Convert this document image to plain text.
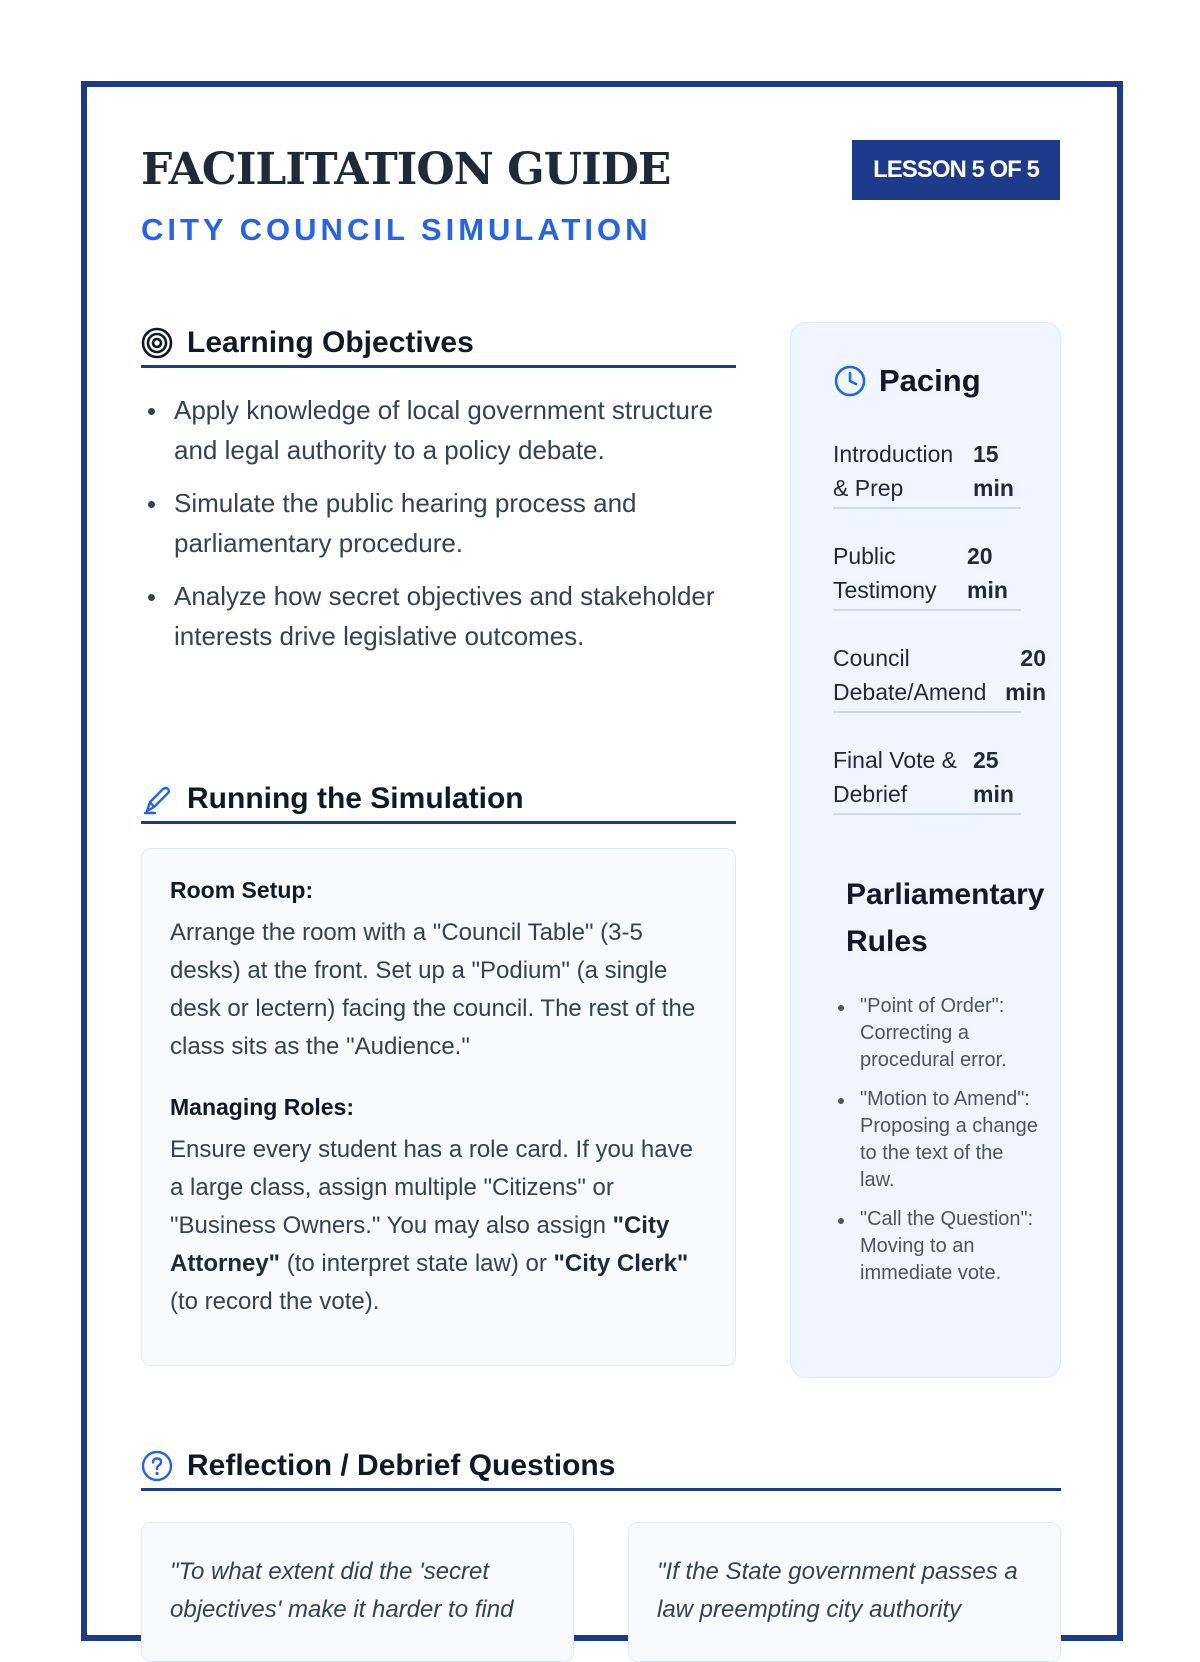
FACILITATION GUIDE
CITY COUNCIL SIMULATION
LESSON 5 OF 5
Learning Objectives
Apply knowledge of local government structure and legal authority to a policy debate.
Simulate the public hearing process and parliamentary procedure.
Analyze how secret objectives and stakeholder interests drive legislative outcomes.
Running the Simulation
Room Setup:

Arrange the room with a "Council Table" (3-5 desks) at the front. Set up a "Podium" (a single desk or lectern) facing the council. The rest of the class sits as the "Audience."

Managing Roles:

Ensure every student has a role card. If you have a large class, assign multiple "Citizens" or "Business Owners." You may also assign "City Attorney" (to interpret state law) or "City Clerk" (to record the vote).

Pacing
Introduction & Prep
15 min
Public Testimony
20 min
Council Debate/Amend
20 min
Final Vote & Debrief
25 min
Parliamentary Rules
"Point of Order": Correcting a procedural error.
"Motion to Amend": Proposing a change to the text of the law.
"Call the Question": Moving to an immediate vote.
Reflection / Debrief Questions
"To what extent did the 'secret objectives' make it harder to find
"If the State government passes a law preempting city authority
